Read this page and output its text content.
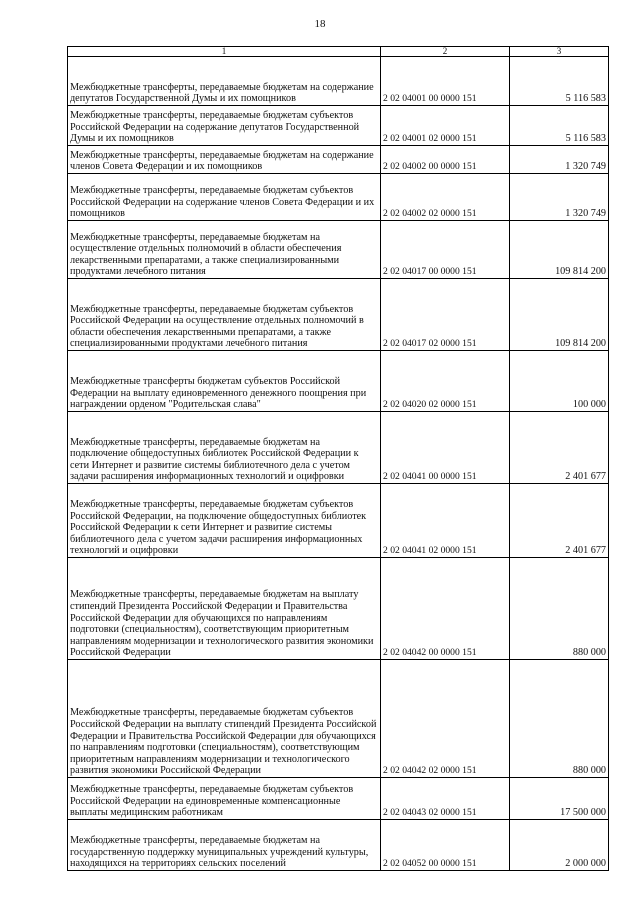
18
1	2	3
Межбюджетные трансферты, передаваемые бюджетам на содержание депутатов Государственной Думы и их помощников	2 02 04001 00 0000 151	5 116 583
Межбюджетные трансферты, передаваемые бюджетам субъектов Российской Федерации на содержание депутатов Государственной Думы и их помощников	2 02 04001 02 0000 151	5 116 583
Межбюджетные трансферты, передаваемые бюджетам на содержание членов Совета Федерации и их помощников	2 02 04002 00 0000 151	1 320 749
Межбюджетные трансферты, передаваемые бюджетам субъектов Российской Федерации на содержание членов Совета Федерации и их помощников	2 02 04002 02 0000 151	1 320 749
Межбюджетные трансферты, передаваемые бюджетам на осуществление отдельных полномочий в области обеспечения лекарственными препаратами, а также специализированными продуктами лечебного питания	2 02 04017 00 0000 151	109 814 200
Межбюджетные трансферты, передаваемые бюджетам субъектов Российской Федерации на осуществление отдельных полномочий в области обеспечения лекарственными препаратами, а также специализированными продуктами лечебного питания	2 02 04017 02 0000 151	109 814 200
Межбюджетные трансферты бюджетам субъектов Российской Федерации на выплату единовременного денежного поощрения при награждении орденом "Родительская слава"	2 02 04020 02 0000 151	100 000
Межбюджетные трансферты, передаваемые бюджетам на подключение общедоступных библиотек Российской Федерации к сети Интернет и развитие системы библиотечного дела с учетом задачи расширения информационных технологий и оцифровки	2 02 04041 00 0000 151	2 401 677
Межбюджетные трансферты, передаваемые бюджетам субъектов Российской Федерации, на подключение общедоступных библиотек Российской Федерации к сети Интернет и развитие системы библиотечного дела с учетом задачи расширения информационных технологий и оцифровки	2 02 04041 02 0000 151	2 401 677
Межбюджетные трансферты, передаваемые бюджетам на выплату стипендий Президента Российской Федерации и Правительства Российской Федерации для обучающихся по направлениям подготовки (специальностям), соответствующим приоритетным направлениям модернизации и технологического развития экономики Российской Федерации	2 02 04042 00 0000 151	880 000
Межбюджетные трансферты, передаваемые бюджетам субъектов Российской Федерации на выплату стипендий Президента Российской Федерации и Правительства Российской Федерации для обучающихся по направлениям подготовки (специальностям), соответствующим приоритетным направлениям модернизации и технологического развития экономики Российской Федерации	2 02 04042 02 0000 151	880 000
Межбюджетные трансферты, передаваемые бюджетам субъектов Российской Федерации на единовременные компенсационные выплаты медицинским работникам	2 02 04043 02 0000 151	17 500 000
Межбюджетные трансферты, передаваемые бюджетам на государственную поддержку муниципальных учреждений культуры, находящихся на территориях сельских поселений	2 02 04052 00 0000 151	2 000 000
